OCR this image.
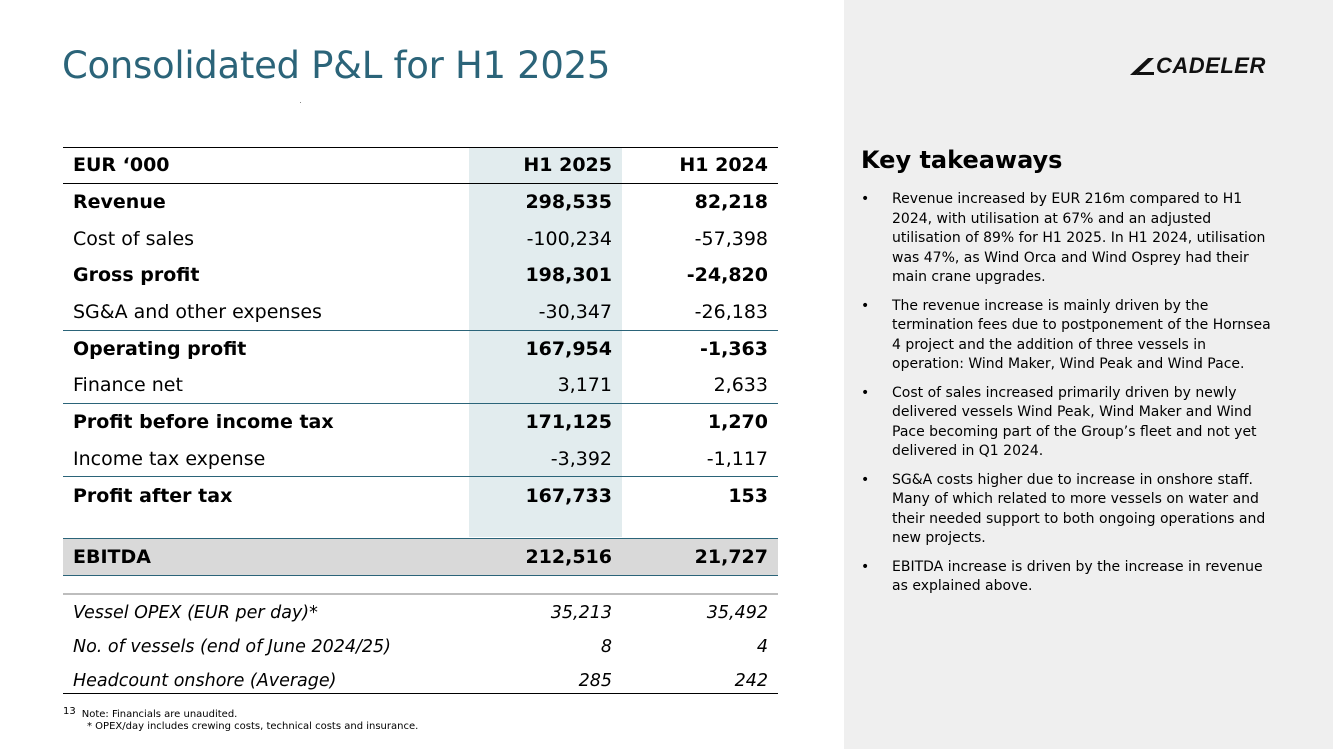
Consolidated P&L for H1 2025	CADELER
EUR ‘000	H1 2025	H1 2024
Revenue	298,535	82,218
Cost of sales	-100,234	-57,398
Gross profit	198,301	-24,820
SG&A and other expenses	-30,347	-26,183
Operating profit	167,954	-1,363
Finance net	3,171	2,633
Profit before income tax	171,125	1,270
Income tax expense	-3,392	-1,117
Profit after tax	167,733	153
EBITDA	212,516	21,727
Vessel OPEX (EUR per day)*	35,213	35,492
No. of vessels (end of June 2024/25)	8	4
Headcount onshore (Average)	285	242
13 Note: Financials are unaudited.
* OPEX/day includes crewing costs, technical costs and insurance.
Key takeaways
• Revenue increased by EUR 216m compared to H1 2024, with utilisation at 67% and an adjusted utilisation of 89% for H1 2025. In H1 2024, utilisation was 47%, as Wind Orca and Wind Osprey had their main crane upgrades.
• The revenue increase is mainly driven by the termination fees due to postponement of the Hornsea 4 project and the addition of three vessels in operation: Wind Maker, Wind Peak and Wind Pace.
• Cost of sales increased primarily driven by newly delivered vessels Wind Peak, Wind Maker and Wind Pace becoming part of the Group’s fleet and not yet delivered in Q1 2024.
• SG&A costs higher due to increase in onshore staff. Many of which related to more vessels on water and their needed support to both ongoing operations and new projects.
• EBITDA increase is driven by the increase in revenue as explained above.
